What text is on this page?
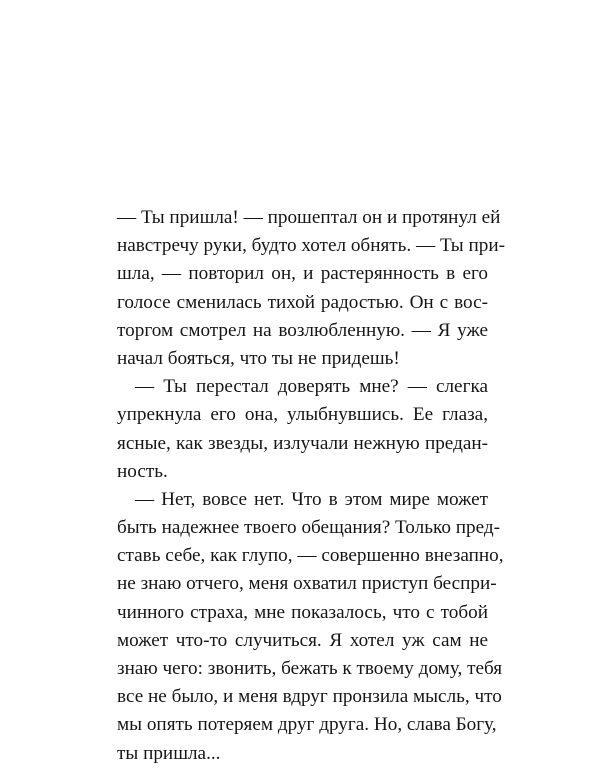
— Ты пришла! — прошептал он и протянул ей
навстречу руки, будто хотел обнять. — Ты при-
шла, — повторил он, и растерянность в его
голосе сменилась тихой радостью. Он с вос-
торгом смотрел на возлюбленную. — Я уже
начал бояться, что ты не придешь!
— Ты перестал доверять мне? — слегка
упрекнула его она, улыбнувшись. Ее глаза,
ясные, как звезды, излучали нежную предан-
ность.
— Нет, вовсе нет. Что в этом мире может
быть надежнее твоего обещания? Только пред-
ставь себе, как глупо, — совершенно внезапно,
не знаю отчего, меня охватил приступ беспри-
чинного страха, мне показалось, что с тобой
может что-то случиться. Я хотел уж сам не
знаю чего: звонить, бежать к твоему дому, тебя
все не было, и меня вдруг пронзила мысль, что
мы опять потеряем друг друга. Но, слава Богу,
ты пришла...
